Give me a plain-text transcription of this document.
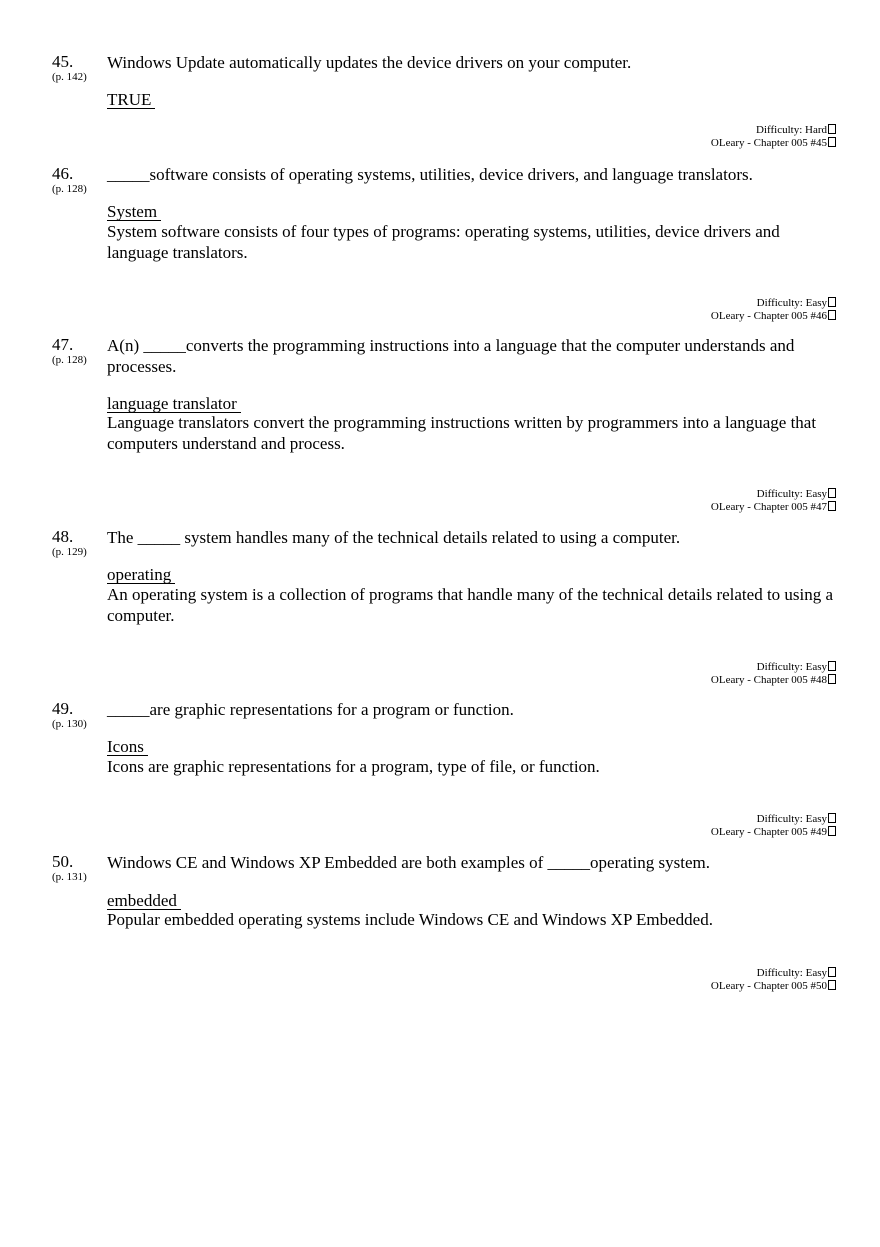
45.
(p. 142)
Windows Update automatically updates the device drivers on your computer.
TRUE
Difficulty: Hard
OLeary - Chapter 005 #45
46.
(p. 128)
_____software consists of operating systems, utilities, device drivers, and language translators.
System
System software consists of four types of programs: operating systems, utilities, device drivers and language translators.
Difficulty: Easy
OLeary - Chapter 005 #46
47.
(p. 128)
A(n) _____converts the programming instructions into a language that the computer understands and processes.
language translator
Language translators convert the programming instructions written by programmers into a language that computers understand and process.
Difficulty: Easy
OLeary - Chapter 005 #47
48.
(p. 129)
The _____ system handles many of the technical details related to using a computer.
operating
An operating system is a collection of programs that handle many of the technical details related to using a computer.
Difficulty: Easy
OLeary - Chapter 005 #48
49.
(p. 130)
_____are graphic representations for a program or function.
Icons
Icons are graphic representations for a program, type of file, or function.
Difficulty: Easy
OLeary - Chapter 005 #49
50.
(p. 131)
Windows CE and Windows XP Embedded are both examples of _____operating system.
embedded
Popular embedded operating systems include Windows CE and Windows XP Embedded.
Difficulty: Easy
OLeary - Chapter 005 #50
